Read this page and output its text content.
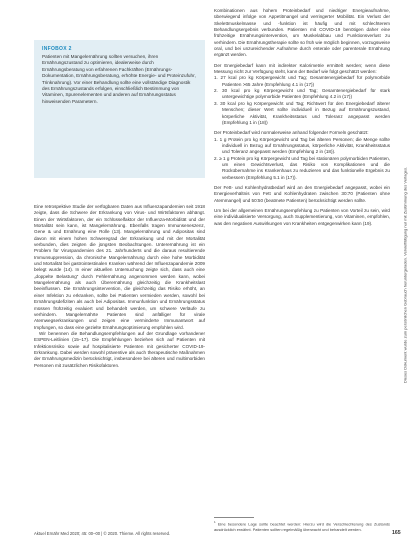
INFOBOX 2
Patienten mit Mangelernährung sollten versuchen, ihren Ernährungszustand zu optimieren, idealerweise durch Ernährungsberatung von erfahrenen Fachkräften (Ernährungs-Dokumentation, Ernährungsberatung, erhöhte Energie- und Proteinzufuhr, Trinknahrung). Vor einer Behandlung sollte eine vollständige Diagnostik des Ernährungszustands erfolgen, einschließlich Bestimmung von Vitaminen, Spurenelementen und anderen auf Ernährungsstatus hinweisenden Parametern.

Eine retrospektive Studie der verfügbaren Daten aus Influenzapandemien seit 1918 zeigte, dass die Schwere der Erkrankung von Virus- und Wirtsfaktoren abhängt. Einen der Wirtsfaktoren, der ein Schlüsselfaktor der Influenza-Morbidität und der Mortalität sein kann, ist Mangelernährung. Ebenfalls tragen Immunseneszenz, Gene & und Ernährung eine Rolle (13). Mangelernährung und Adipositas sind davon mit einem hohen Schweregrad der Erkrankung und mit der Mortalität verbunden, dies zeigten die jüngsten Beobachtungen. Unterernährung ist ein Problem für Viruspandemien des 21. Jahrhunderts und die daraus resultierende Immunsuppression, da chronische Mangelernährung durch eine hohe Morbidität und Mortalität bei gastrointestinalen Kranken während der Influenzapandemie 2009 belegt wurde (14). In einer aktuellen Untersuchung zeigte sich, dass auch eine „doppelte Belastung“ durch Fehlernährung angenommen werden kann, wobei Mangelernährung als auch Überernährung gleichzeitig die Krankheitslast beeinflussen. Die Ernährungsintervention, die gleichzeitig das Risiko erhöht, an einer Infektion zu erkranken, sollte bei Patienten vermieden werden, sowohl bei Ernährungsdefiziten als auch bei Adipositas. Immunfunktion und Ernährungsstatus müssen frühzeitig evaluiert und behandelt werden, um schwere Verläufe zu verhindern. Mangelernährte Patienten sind anfälliger für virale Atemwegserkrankungen und zeigen eine verminderte Immunantwort auf Impfungen, so dass eine gezielte Ernährungsoptimierung empfohlen wird.

Wir benennen die Behandlungsempfehlungen auf der Grundlage vorhandener ESPEN-Leitlinien (15–17). Die Empfehlungen beziehen sich auf Patienten mit Infektionsrisiko sowie auf hospitalisierte Patienten mit gesicherter COVID-19-Erkrankung. Dabei werden sowohl präventive als auch therapeutische Maßnahmen der Ernährungsmedizin berücksichtigt, insbesondere bei älteren und multimorbiden Personen mit zusätzlichen Risikofaktoren.

Kombinationen aus hohem Proteinbedarf und niedriger Energieaufnahme, überwiegend infolge von Appetitmangel und verringerter Mobilität. Ein Verlust der Skelettmuskelmasse und -funktion ist häufig und mit schlechterem Behandlungsergebnis verbunden. Patienten mit COVID-19 benötigen daher eine frühzeitige Ernährungsintervention, um Muskelabbau und Funktionsverlust zu verhindern. Die Ernährungstherapie sollte so früh wie möglich beginnen, vorzugsweise oral, und bei unzureichender Aufnahme durch enterale oder parenterale Ernährung ergänzt werden.

Der Energiebedarf kann mit indirekter Kalorimetrie ermittelt werden; wenn diese Messung nicht zur Verfügung steht, kann der Bedarf wie folgt geschätzt werden:

1. 27 kcal pro kg Körpergewicht und Tag; Gesamtenergiebedarf für polymorbide Patienten >65 Jahre (Empfehlung 4.1 in (17))
2. 30 kcal pro kg Körpergewicht und Tag; Gesamtenergiebedarf für stark untergewichtige polymorbide Patienten (Empfehlung 4.2 in (17))
3. 30 kcal pro kg Körpergewicht und Tag; Richtwert für den Energiebedarf älterer Menschen; dieser Wert sollte individuell in Bezug auf Ernährungszustand, körperliche Aktivität, Krankheitsstatus und Toleranz angepasst werden (Empfehlung 1 in (18))

Der Proteinbedarf wird normalerweise anhand folgender Formeln geschätzt:

1. 1 g Protein pro kg Körpergewicht und Tag bei älteren Personen; die Menge sollte individuell in Bezug auf Ernährungsstatus, körperliche Aktivität, Krankheitsstatus und Toleranz angepasst werden (Empfehlung 2 in (18)).
2. ≥ 1 g Protein pro kg Körpergewicht und Tag bei stationären polymorbiden Patienten, um einen Gewichtsverlust, das Risiko von Komplikationen und die Rückübernahme ins Krankenhaus zu reduzieren und das funktionelle Ergebnis zu verbessern (Empfehlung 5.1 in (17)).

Der Fett- und Kohlenhydratbedarf wird an den Energiebedarf angepasst, wobei ein Energieverhältnis von Fett und Kohlenhydraten zwischen 30:70 (Patienten ohne Atemmangel) und 50:50 (beatmete Patienten) berücksichtigt werden sollte.

Um bei der allgemeinen Ernährungsempfehlung zu Patienten von Vorteil zu sein, wird eine individualisierte Versorgung, auch Supplementierung, von Vitaminen, empfohlen, was den negativen Auswirkungen von Krankheiten entgegenwirken kann (19).

$^1$ Eine besondere Lage sollte beachtet werden: Hierzu wird die Verschlechterung des Zustands ausdrücklich erwähnt. Patienten sollten regelmäßig überwacht und behandelt werden.
Aktuel Ernähr Med 2020; 45: 00–00 | © 2020. Thieme. All rights reserved.	165
Dieses Dokument wurde zum persönlichen Gebrauch heruntergeladen. Vervielfältigung nur mit Zustimmung des Verlages.
